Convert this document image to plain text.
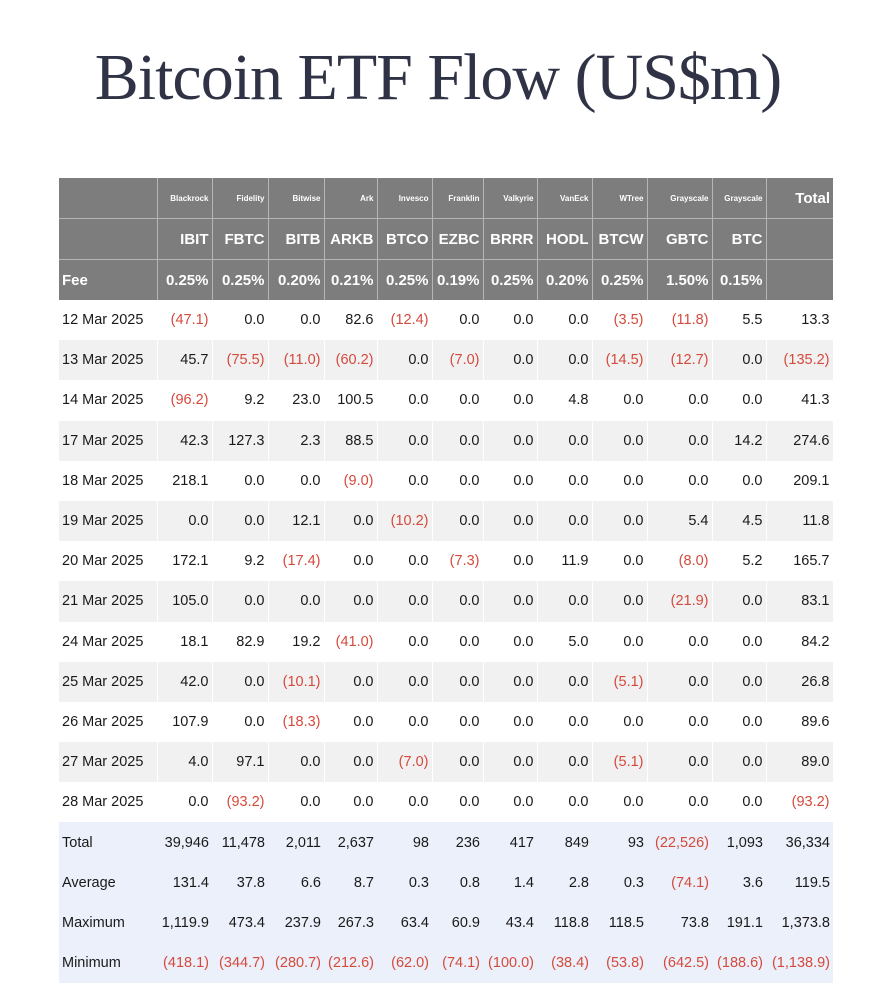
Bitcoin ETF Flow (US$m)
	Blackrock	Fidelity	Bitwise	Ark	Invesco	Franklin	Valkyrie	VanEck	WTree	Grayscale	Grayscale	Total
	IBIT	FBTC	BITB	ARKB	BTCO	EZBC	BRRR	HODL	BTCW	GBTC	BTC	
Fee	0.25%	0.25%	0.20%	0.21%	0.25%	0.19%	0.25%	0.20%	0.25%	1.50%	0.15%	
12 Mar 2025	(47.1)	0.0	0.0	82.6	(12.4)	0.0	0.0	0.0	(3.5)	(11.8)	5.5	13.3
13 Mar 2025	45.7	(75.5)	(11.0)	(60.2)	0.0	(7.0)	0.0	0.0	(14.5)	(12.7)	0.0	(135.2)
14 Mar 2025	(96.2)	9.2	23.0	100.5	0.0	0.0	0.0	4.8	0.0	0.0	0.0	41.3
17 Mar 2025	42.3	127.3	2.3	88.5	0.0	0.0	0.0	0.0	0.0	0.0	14.2	274.6
18 Mar 2025	218.1	0.0	0.0	(9.0)	0.0	0.0	0.0	0.0	0.0	0.0	0.0	209.1
19 Mar 2025	0.0	0.0	12.1	0.0	(10.2)	0.0	0.0	0.0	0.0	5.4	4.5	11.8
20 Mar 2025	172.1	9.2	(17.4)	0.0	0.0	(7.3)	0.0	11.9	0.0	(8.0)	5.2	165.7
21 Mar 2025	105.0	0.0	0.0	0.0	0.0	0.0	0.0	0.0	0.0	(21.9)	0.0	83.1
24 Mar 2025	18.1	82.9	19.2	(41.0)	0.0	0.0	0.0	5.0	0.0	0.0	0.0	84.2
25 Mar 2025	42.0	0.0	(10.1)	0.0	0.0	0.0	0.0	0.0	(5.1)	0.0	0.0	26.8
26 Mar 2025	107.9	0.0	(18.3)	0.0	0.0	0.0	0.0	0.0	0.0	0.0	0.0	89.6
27 Mar 2025	4.0	97.1	0.0	0.0	(7.0)	0.0	0.0	0.0	(5.1)	0.0	0.0	89.0
28 Mar 2025	0.0	(93.2)	0.0	0.0	0.0	0.0	0.0	0.0	0.0	0.0	0.0	(93.2)
Total	39,946	11,478	2,011	2,637	98	236	417	849	93	(22,526)	1,093	36,334
Average	131.4	37.8	6.6	8.7	0.3	0.8	1.4	2.8	0.3	(74.1)	3.6	119.5
Maximum	1,119.9	473.4	237.9	267.3	63.4	60.9	43.4	118.8	118.5	73.8	191.1	1,373.8
Minimum	(418.1)	(344.7)	(280.7)	(212.6)	(62.0)	(74.1)	(100.0)	(38.4)	(53.8)	(642.5)	(188.6)	(1,138.9)
